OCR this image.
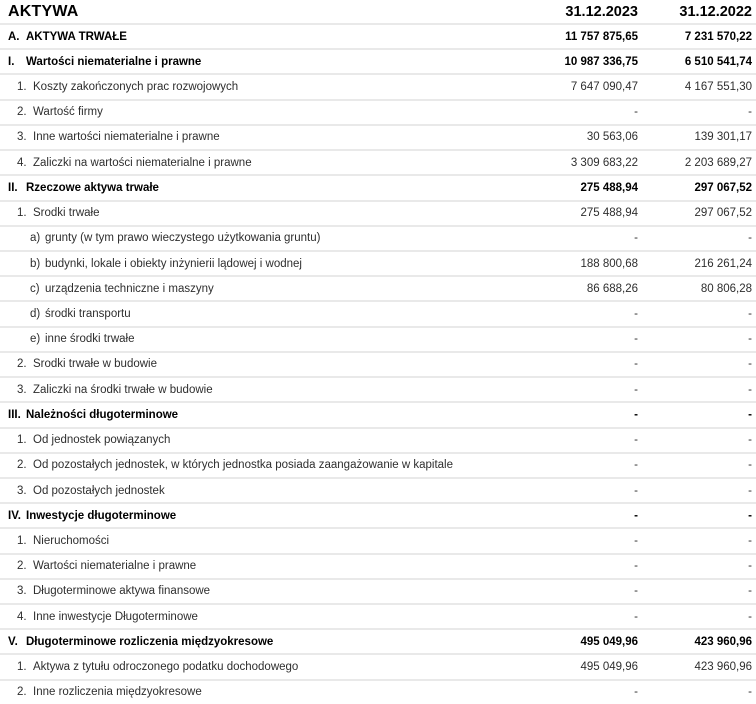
AKTYWA	31.12.2023	31.12.2022
A. AKTYWA TRWAŁE	11 757 875,65	7 231 570,22
I.	Wartości niematerialne i prawne	10 987 336,75	6 510 541,74
1. Koszty zakończonych prac rozwojowych	7 647 090,47	4 167 551,30
2. Wartość firmy	-	-
3. Inne wartości niematerialne i prawne	30 563,06	139 301,17
4. Zaliczki na wartości niematerialne i prawne	3 309 683,22	2 203 689,27
II. Rzeczowe aktywa trwałe	275 488,94	297 067,52
1. Środki trwałe	275 488,94	297 067,52
a) grunty (w tym prawo wieczystego użytkowania gruntu)	-	-
b) budynki, lokale i obiekty inżynierii lądowej i wodnej	188 800,68	216 261,24
c) urządzenia techniczne i maszyny	86 688,26	80 806,28
d) środki transportu	-	-
e) inne środki trwałe	-	-
2. Środki trwałe w budowie	-	-
3. Zaliczki na środki trwałe w budowie	-	-
III. Należności długoterminowe	-	-
1. Od jednostek powiązanych	-	-
2. Od pozostałych jednostek, w których jednostka posiada zaangażowanie w kapitale	-	-
3. Od pozostałych jednostek	-	-
IV. Inwestycje długoterminowe	-	-
1. Nieruchomości	-	-
2. Wartości niematerialne i prawne	-	-
3. Długoterminowe aktywa finansowe	-	-
4. Inne inwestycje Długoterminowe	-	-
V. Długoterminowe rozliczenia międzyokresowe	495 049,96	423 960,96
1. Aktywa z tytułu odroczonego podatku dochodowego	495 049,96	423 960,96
2. Inne rozliczenia międzyokresowe	-	-
